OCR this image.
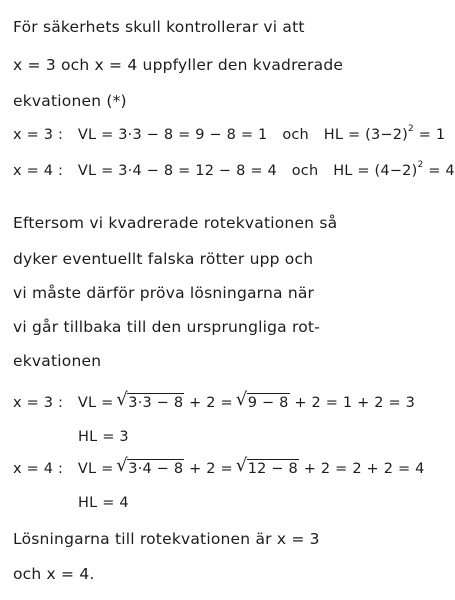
För säkerhets skull kontrollerar vi att
x = 3 och x = 4 uppfyller den kvadrerade
ekvationen (*)
x = 3 : VL = 3·3 − 8 = 9 − 8 = 1 och HL = $(3-2)^2 = 1$
x = 4 : VL = 3·4 − 8 = 12 − 8 = 4 och HL = $(4-2)^2 = 4$
Eftersom vi kvadrerade rotekvationen så
dyker eventuellt falska rötter upp och
vi måste därför pröva lösningarna när
vi går tillbaka till den ursprungliga rot-
ekvationen
x = 3 : VL = √ 3·3 − 8 + 2 = √ 9 − 8 + 2 = 1 + 2 = 3
HL = 3
x = 4 : VL = √ 3·4 − 8 + 2 = √ 12 − 8 + 2 = 2 + 2 = 4
HL = 4
Lösningarna till rotekvationen är x = 3
och x = 4.
